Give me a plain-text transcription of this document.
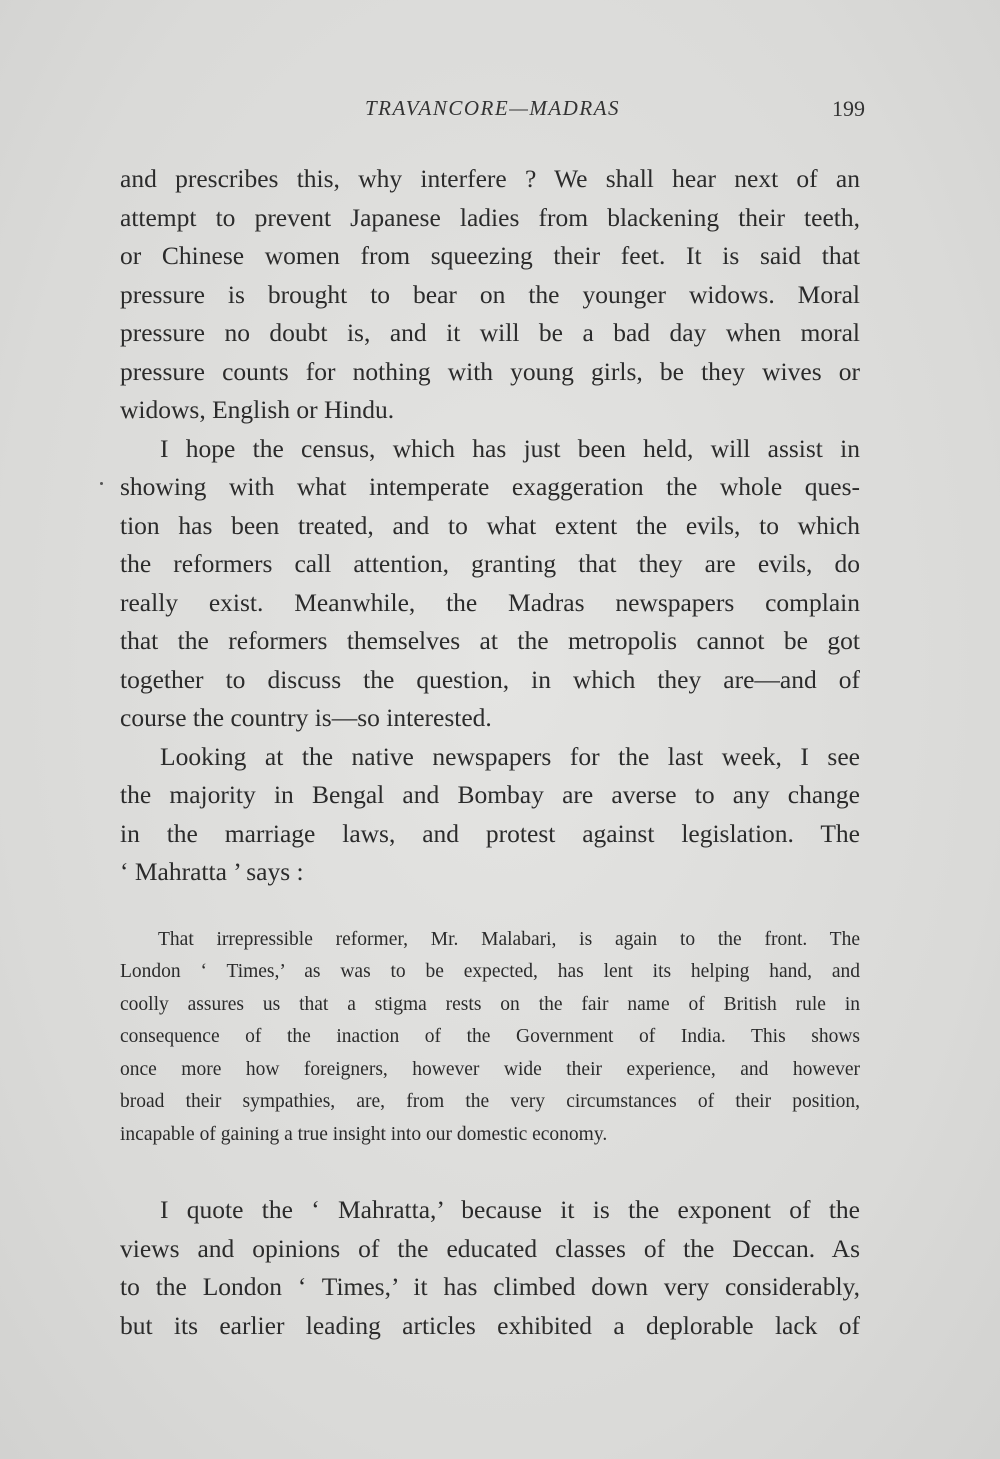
TRAVANCORE—MADRAS	199
and prescribes this, why interfere ? We shall hear next of an
attempt to prevent Japanese ladies from blackening their teeth,
or Chinese women from squeezing their feet. It is said that
pressure is brought to bear on the younger widows. Moral
pressure no doubt is, and it will be a bad day when moral
pressure counts for nothing with young girls, be they wives or
widows, English or Hindu.
I hope the census, which has just been held, will assist in
showing with what intemperate exaggeration the whole ques-
tion has been treated, and to what extent the evils, to which
the reformers call attention, granting that they are evils, do
really exist. Meanwhile, the Madras newspapers complain
that the reformers themselves at the metropolis cannot be got
together to discuss the question, in which they are—and of
course the country is—so interested.
Looking at the native newspapers for the last week, I see
the majority in Bengal and Bombay are averse to any change
in the marriage laws, and protest against legislation. The
‘ Mahratta ’ says :
That irrepressible reformer, Mr. Malabari, is again to the front. The
London ‘ Times,’ as was to be expected, has lent its helping hand, and
coolly assures us that a stigma rests on the fair name of British rule in
consequence of the inaction of the Government of India. This shows
once more how foreigners, however wide their experience, and however
broad their sympathies, are, from the very circumstances of their position,
incapable of gaining a true insight into our domestic economy.
I quote the ‘ Mahratta,’ because it is the exponent of the
views and opinions of the educated classes of the Deccan. As
to the London ‘ Times,’ it has climbed down very considerably,
but its earlier leading articles exhibited a deplorable lack of
